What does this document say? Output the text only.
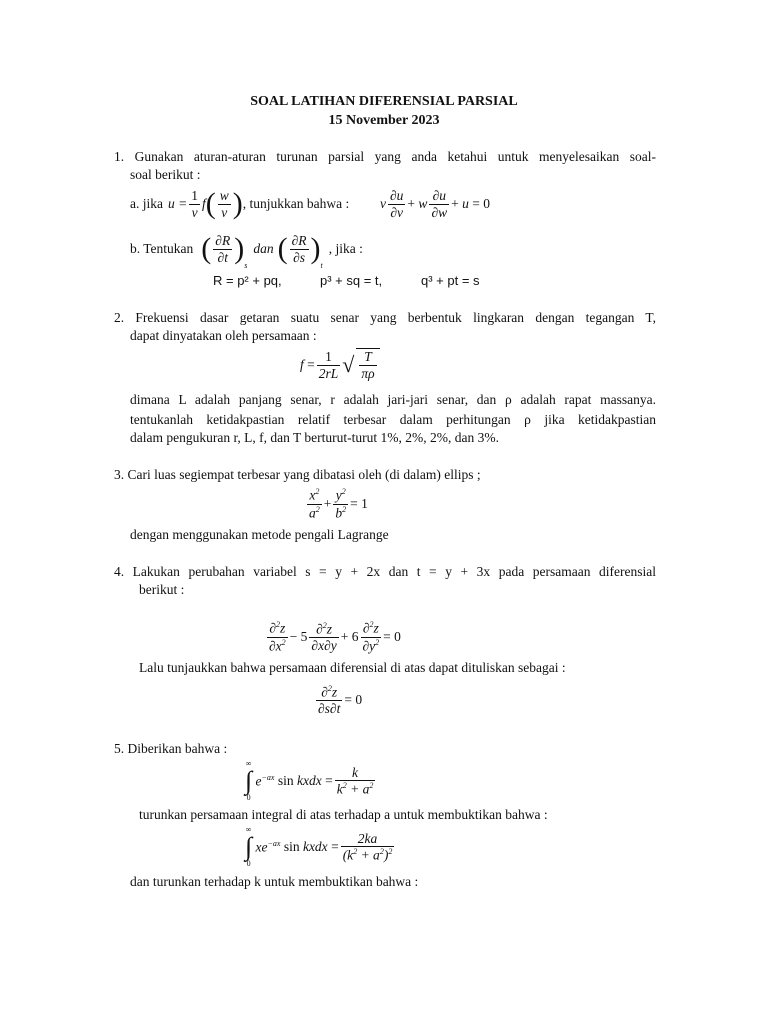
SOAL LATIHAN DIFERENSIAL PARSIAL
15 November 2023
1. Gunakan aturan-aturan turunan parsial yang anda ketahui untuk menyelesaikan soal-
soal berikut :
a. jika $u = \frac{1}{v}$ f ( $\frac{w}{v}$ ) , tunjukkan bahwa : v $\frac{\partial u}{\partial v} + w \frac{\partial u}{\partial w} + u = 0$
b. Tentukan ( $\frac{\partial R}{\partial t}$ )
s
dan ( $\frac{\partial R}{\partial s}$ )
t
, jika :
R = p² + pq,	p³ + sq = t,	q³ + pt = s
2. Frekuensi dasar getaran suatu senar yang berbentuk lingkaran dengan tegangan T,
dapat dinyatakan oleh persamaan :
$f = \frac{1}{2rL}$ √ $\frac{T}{\pi\rho}$
dimana L adalah panjang senar, r adalah jari-jari senar, dan ρ adalah rapat massanya.
tentukanlah ketidakpastian relatif terbesar dalam perhitungan ρ jika ketidakpastian
dalam pengukuran r, L, f, dan T berturut-turut 1%, 2%, 2%, dan 3%.
3. Cari luas segiempat terbesar yang dibatasi oleh (di dalam) ellips ;
$\frac{x^2}{a^2} + \frac{y^2}{b^2} = 1$
dengan menggunakan metode pengali Lagrange
4. Lakukan perubahan variabel s = y + 2x dan t = y + 3x pada persamaan diferensial
berikut :
$\frac{\partial^2z}{\partial x^2} - 5 \frac{\partial^2z}{\partial x\partial y} + 6 \frac{\partial^2z}{\partial y^2} = 0$
Lalu tunjaukkan bahwa persamaan diferensial di atas dapat dituliskan sebagai :
$\frac{\partial^2z}{\partial s\partial t} = 0$
5. Diberikan bahwa :
∞
∫
0
$e^{-ax}$ sin kxdx = $\frac{k}{k^2 + a^2}$
turunkan persamaan integral di atas terhadap a untuk membuktikan bahwa :
∞
∫
0
$xe^{-ax}$ sin kxdx = $\frac{2ka}{(k^2 + a^2)^2}$
dan turunkan terhadap k untuk membuktikan bahwa :
